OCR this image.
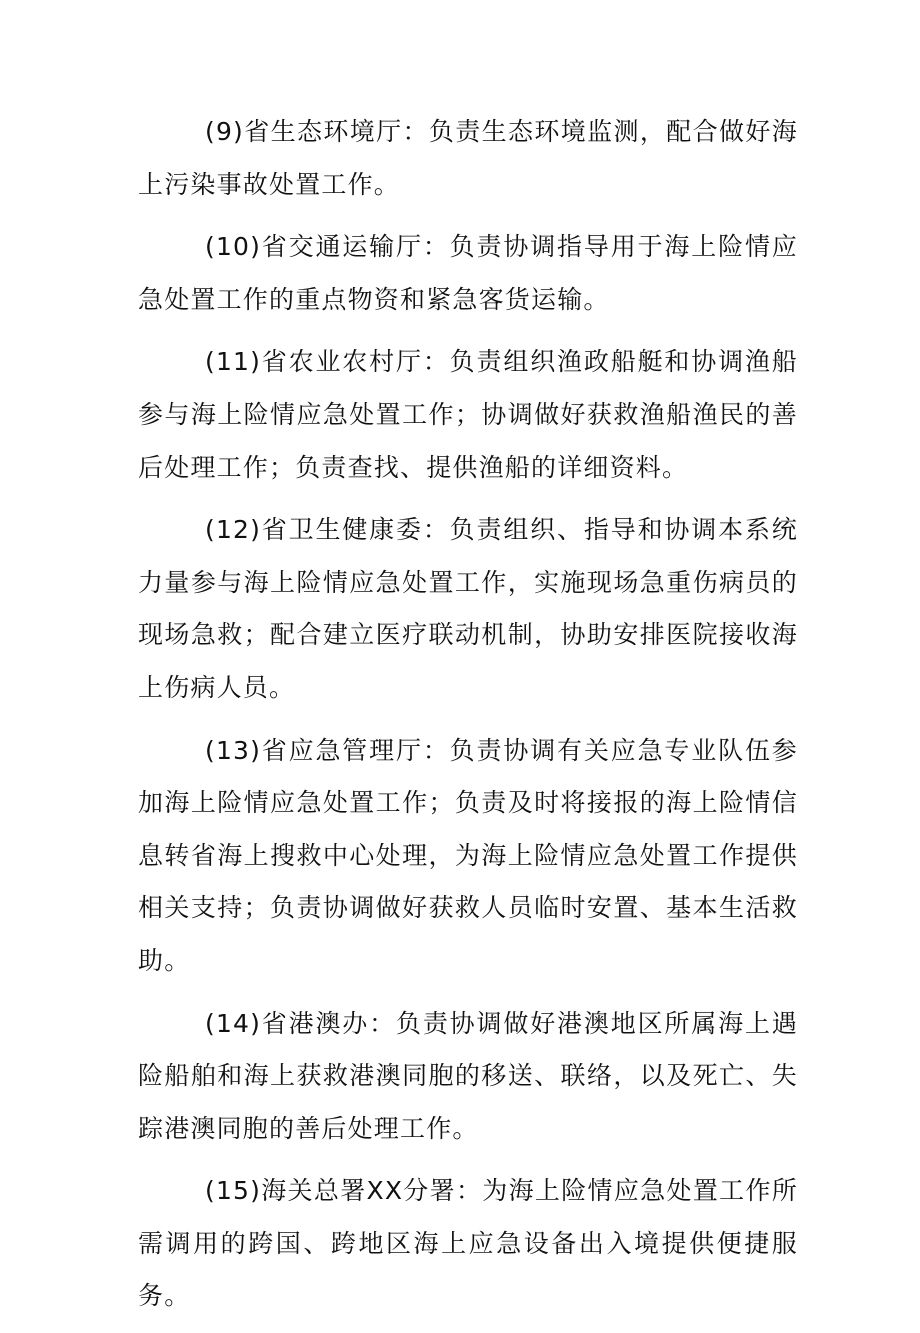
(9)省生态环境厅：负责生态环境监测，配合做好海上污染事故处置工作。

(10)省交通运输厅：负责协调指导用于海上险情应急处置工作的重点物资和紧急客货运输。

(11)省农业农村厅：负责组织渔政船艇和协调渔船参与海上险情应急处置工作；协调做好获救渔船渔民的善后处理工作；负责查找、提供渔船的详细资料。

(12)省卫生健康委：负责组织、指导和协调本系统力量参与海上险情应急处置工作，实施现场急重伤病员的现场急救；配合建立医疗联动机制，协助安排医院接收海上伤病人员。

(13)省应急管理厅：负责协调有关应急专业队伍参加海上险情应急处置工作；负责及时将接报的海上险情信息转省海上搜救中心处理，为海上险情应急处置工作提供相关支持；负责协调做好获救人员临时安置、基本生活救助。

(14)省港澳办：负责协调做好港澳地区所属海上遇险船舶和海上获救港澳同胞的移送、联络，以及死亡、失踪港澳同胞的善后处理工作。

(15)海关总署XX分署：为海上险情应急处置工作所需调用的跨国、跨地区海上应急设备出入境提供便捷服务。
